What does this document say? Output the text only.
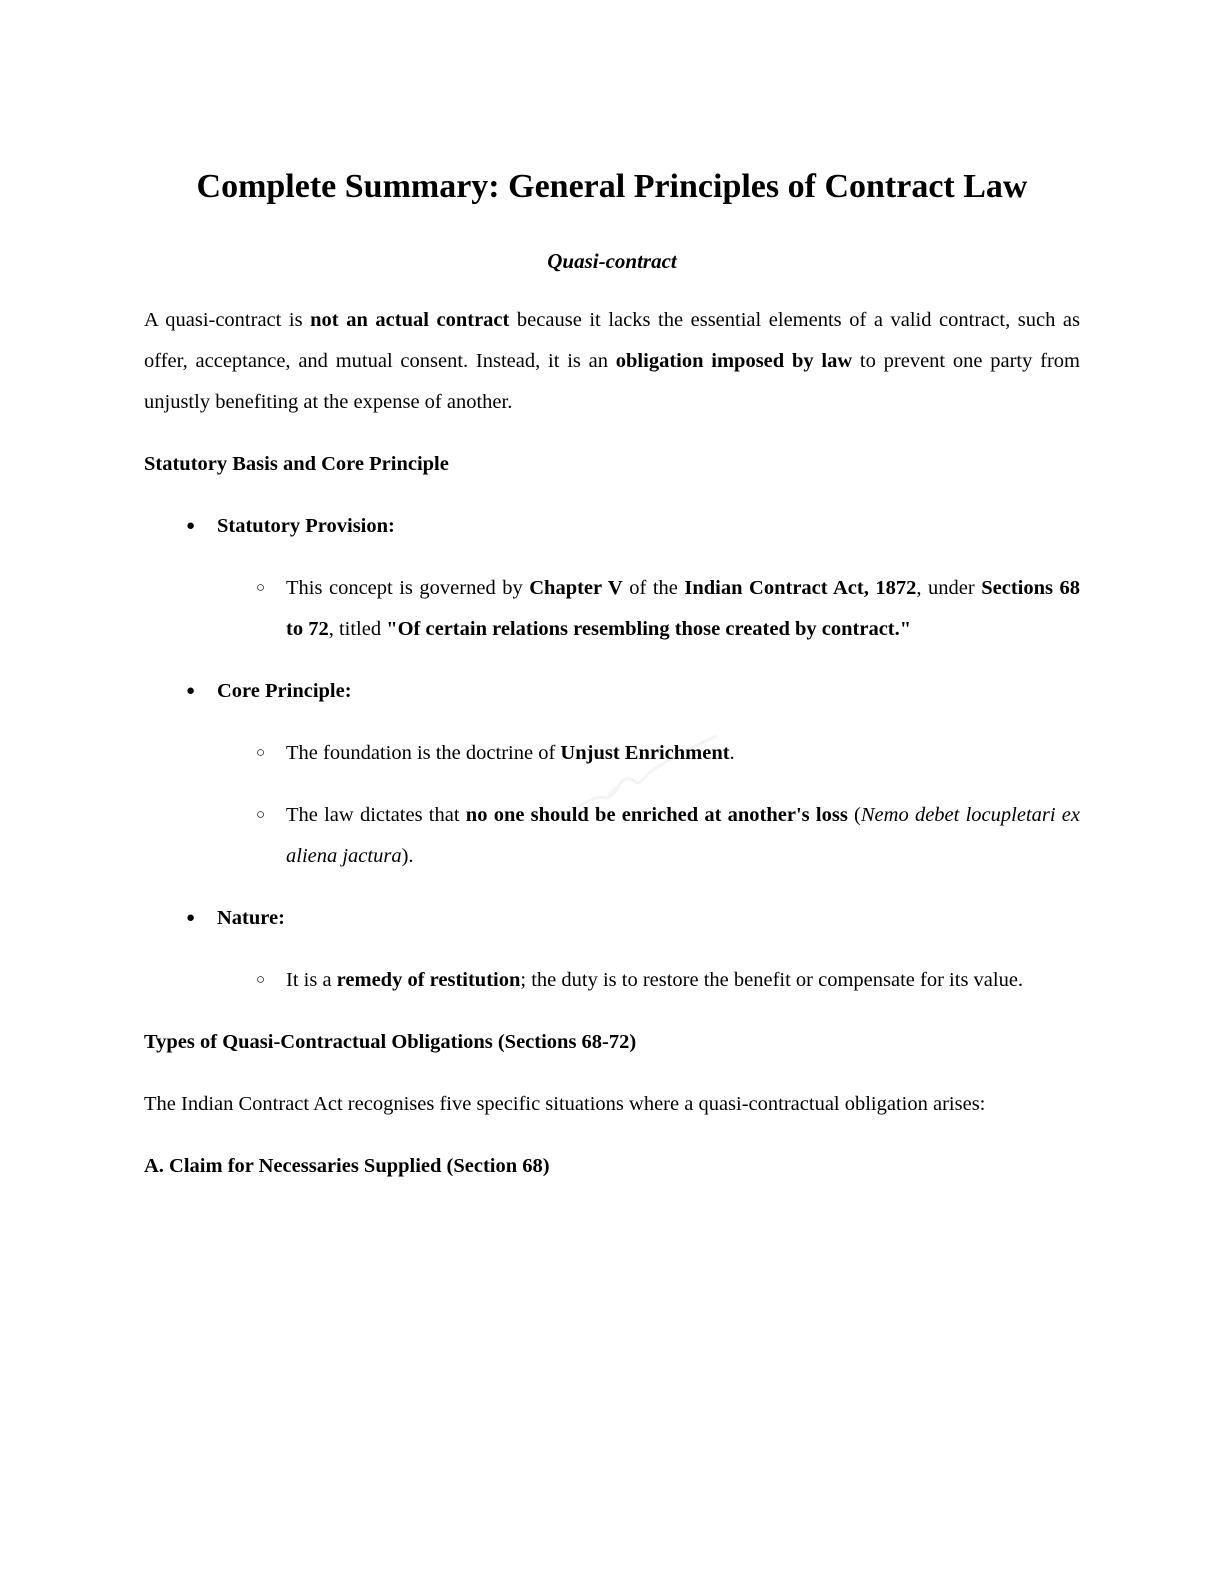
Complete Summary: General Principles of Contract Law
Quasi-contract

A quasi-contract is not an actual contract because it lacks the essential elements of a valid contract, such as offer, acceptance, and mutual consent. Instead, it is an obligation imposed by law to prevent one party from unjustly benefiting at the expense of another.

Statutory Basis and Core Principle
● Statutory Provision:
○ This concept is governed by Chapter V of the Indian Contract Act, 1872, under Sections 68 to 72, titled "Of certain relations resembling those created by contract."
● Core Principle:
○ The foundation is the doctrine of Unjust Enrichment.
○ The law dictates that no one should be enriched at another's loss (Nemo debet locupletari ex aliena jactura).
● Nature:
○ It is a remedy of restitution; the duty is to restore the benefit or compensate for its value.
Types of Quasi-Contractual Obligations (Sections 68-72)

The Indian Contract Act recognises five specific situations where a quasi-contractual obligation arises:

A. Claim for Necessaries Supplied (Section 68)
